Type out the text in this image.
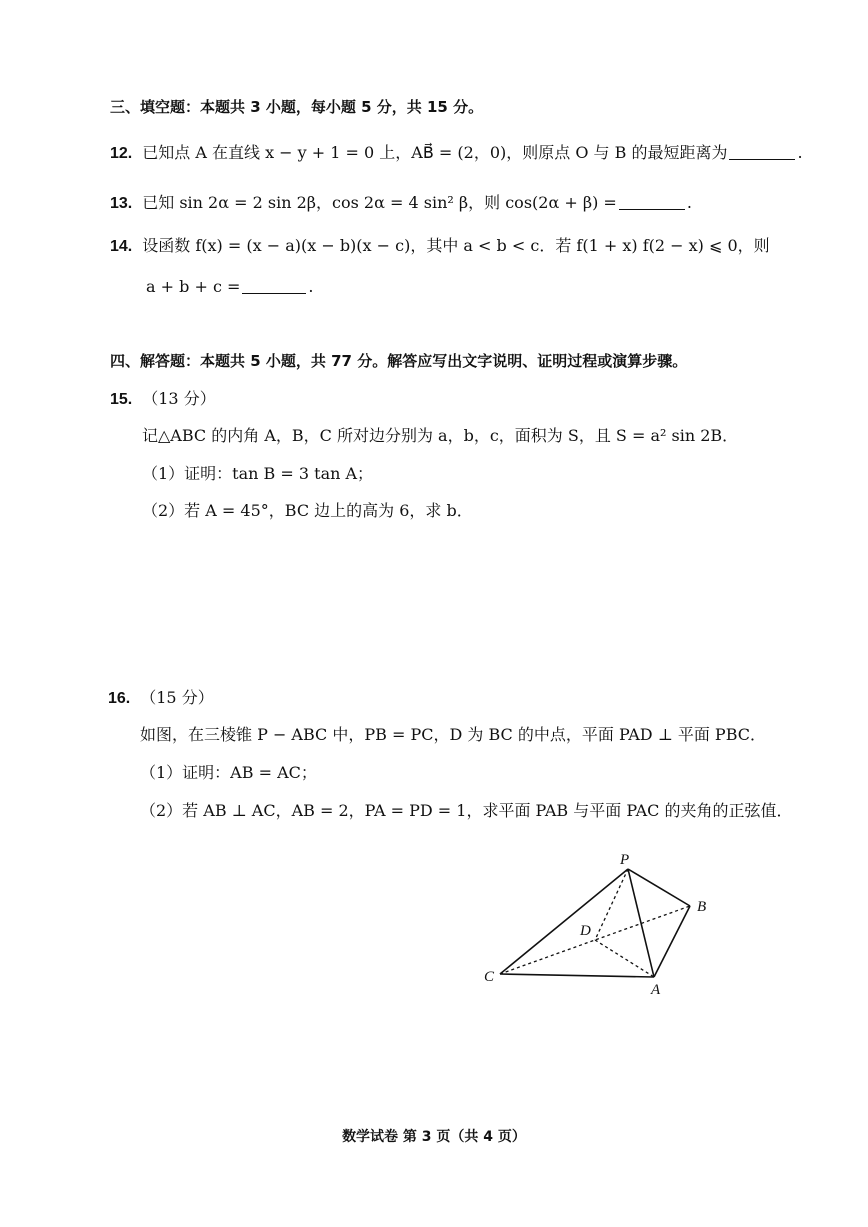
三、填空题：本题共 3 小题，每小题 5 分，共 15 分。
12. 已知点 A 在直线 x − y + 1 = 0 上，AB⃗ = (2，0)，则原点 O 与 B 的最短距离为	.
13. 已知 sin 2α = 2 sin 2β，cos 2α = 4 sin² β，则 cos(2α + β) =	.
14. 设函数 f(x) = (x − a)(x − b)(x − c)，其中 a < b < c．若 f(1 + x) f(2 − x) ⩽ 0，则
a + b + c =	.
四、解答题：本题共 5 小题，共 77 分。解答应写出文字说明、证明过程或演算步骤。
15. （13 分）
记△ABC 的内角 A，B，C 所对边分别为 a，b，c，面积为 S，且 S = a² sin 2B．
（1）证明：tan B = 3 tan A；
（2）若 A = 45°，BC 边上的高为 6，求 b．
16. （15 分）
如图，在三棱锥 P − ABC 中，PB = PC，D 为 BC 的中点，平面 PAD ⊥ 平面 PBC．
（1）证明：AB = AC；
（2）若 AB ⊥ AC，AB = 2，PA = PD = 1，求平面 PAB 与平面 PAC 的夹角的正弦值．
P
B
D
C
A
数学试卷 第 3 页（共 4 页）
